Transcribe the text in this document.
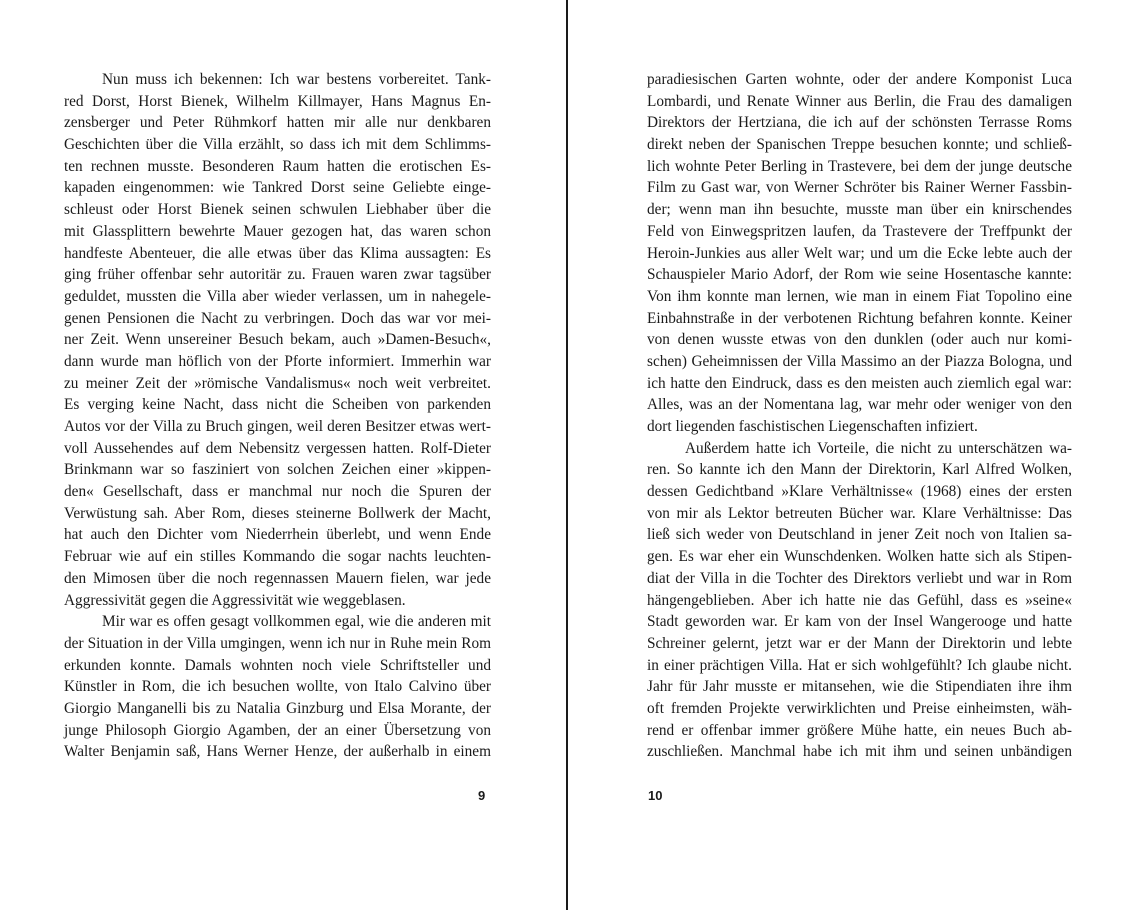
Nun muss ich bekennen: Ich war bestens vorbereitet. Tank-
red Dorst, Horst Bienek, Wilhelm Killmayer, Hans Magnus En-
zensberger und Peter Rühmkorf hatten mir alle nur denkbaren
Geschichten über die Villa erzählt, so dass ich mit dem Schlimms-
ten rechnen musste. Besonderen Raum hatten die erotischen Es-
kapaden eingenommen: wie Tankred Dorst seine Geliebte einge-
schleust oder Horst Bienek seinen schwulen Liebhaber über die
mit Glassplittern bewehrte Mauer gezogen hat, das waren schon
handfeste Abenteuer, die alle etwas über das Klima aussagten: Es
ging früher offenbar sehr autoritär zu. Frauen waren zwar tagsüber
geduldet, mussten die Villa aber wieder verlassen, um in nahegele-
genen Pensionen die Nacht zu verbringen. Doch das war vor mei-
ner Zeit. Wenn unsereiner Besuch bekam, auch »Damen-Besuch«,
dann wurde man höflich von der Pforte informiert. Immerhin war
zu meiner Zeit der »römische Vandalismus« noch weit verbreitet.
Es verging keine Nacht, dass nicht die Scheiben von parkenden
Autos vor der Villa zu Bruch gingen, weil deren Besitzer etwas wert-
voll Aussehendes auf dem Nebensitz vergessen hatten. Rolf-Dieter
Brinkmann war so fasziniert von solchen Zeichen einer »kippen-
den« Gesellschaft, dass er manchmal nur noch die Spuren der
Verwüstung sah. Aber Rom, dieses steinerne Bollwerk der Macht,
hat auch den Dichter vom Niederrhein überlebt, und wenn Ende
Februar wie auf ein stilles Kommando die sogar nachts leuchten-
den Mimosen über die noch regennassen Mauern fielen, war jede
Aggressivität gegen die Aggressivität wie weggeblasen.
Mir war es offen gesagt vollkommen egal, wie die anderen mit
der Situation in der Villa umgingen, wenn ich nur in Ruhe mein Rom
erkunden konnte. Damals wohnten noch viele Schriftsteller und
Künstler in Rom, die ich besuchen wollte, von Italo Calvino über
Giorgio Manganelli bis zu Natalia Ginzburg und Elsa Morante, der
junge Philosoph Giorgio Agamben, der an einer Übersetzung von
Walter Benjamin saß, Hans Werner Henze, der außerhalb in einem
9
paradiesischen Garten wohnte, oder der andere Komponist Luca
Lombardi, und Renate Winner aus Berlin, die Frau des damaligen
Direktors der Hertziana, die ich auf der schönsten Terrasse Roms
direkt neben der Spanischen Treppe besuchen konnte; und schließ-
lich wohnte Peter Berling in Trastevere, bei dem der junge deutsche
Film zu Gast war, von Werner Schröter bis Rainer Werner Fassbin-
der; wenn man ihn besuchte, musste man über ein knirschendes
Feld von Einwegspritzen laufen, da Trastevere der Treffpunkt der
Heroin-Junkies aus aller Welt war; und um die Ecke lebte auch der
Schauspieler Mario Adorf, der Rom wie seine Hosentasche kannte:
Von ihm konnte man lernen, wie man in einem Fiat Topolino eine
Einbahnstraße in der verbotenen Richtung befahren konnte. Keiner
von denen wusste etwas von den dunklen (oder auch nur komi-
schen) Geheimnissen der Villa Massimo an der Piazza Bologna, und
ich hatte den Eindruck, dass es den meisten auch ziemlich egal war:
Alles, was an der Nomentana lag, war mehr oder weniger von den
dort liegenden faschistischen Liegenschaften infiziert.
Außerdem hatte ich Vorteile, die nicht zu unterschätzen wa-
ren. So kannte ich den Mann der Direktorin, Karl Alfred Wolken,
dessen Gedichtband »Klare Verhältnisse« (1968) eines der ersten
von mir als Lektor betreuten Bücher war. Klare Verhältnisse: Das
ließ sich weder von Deutschland in jener Zeit noch von Italien sa-
gen. Es war eher ein Wunschdenken. Wolken hatte sich als Stipen-
diat der Villa in die Tochter des Direktors verliebt und war in Rom
hängengeblieben. Aber ich hatte nie das Gefühl, dass es »seine«
Stadt geworden war. Er kam von der Insel Wangerooge und hatte
Schreiner gelernt, jetzt war er der Mann der Direktorin und lebte
in einer prächtigen Villa. Hat er sich wohlgefühlt? Ich glaube nicht.
Jahr für Jahr musste er mitansehen, wie die Stipendiaten ihre ihm
oft fremden Projekte verwirklichten und Preise einheimsten, wäh-
rend er offenbar immer größere Mühe hatte, ein neues Buch ab-
zuschließen. Manchmal habe ich mit ihm und seinen unbändigen
10
